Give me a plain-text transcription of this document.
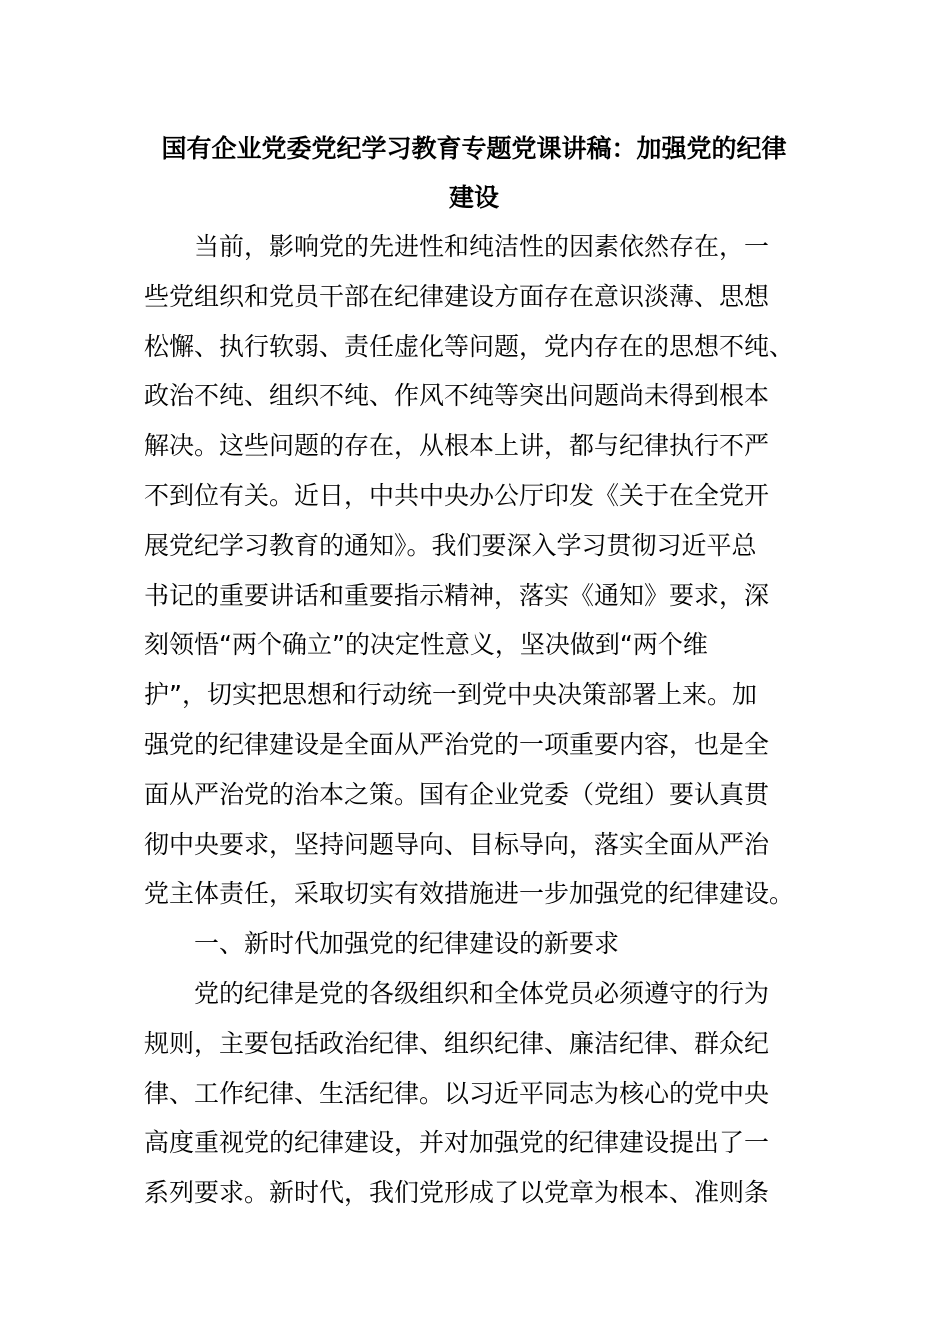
国有企业党委党纪学习教育专题党课讲稿：加强党的纪律
建设
当前，影响党的先进性和纯洁性的因素依然存在，一
些党组织和党员干部在纪律建设方面存在意识淡薄、思想
松懈、执行软弱、责任虚化等问题，党内存在的思想不纯、
政治不纯、组织不纯、作风不纯等突出问题尚未得到根本
解决。这些问题的存在，从根本上讲，都与纪律执行不严
不到位有关。近日，中共中央办公厅印发《关于在全党开
展党纪学习教育的通知》。我们要深入学习贯彻习近平总
书记的重要讲话和重要指示精神，落实《通知》要求，深
刻领悟“两个确立”的决定性意义，坚决做到“两个维
护”，切实把思想和行动统一到党中央决策部署上来。加
强党的纪律建设是全面从严治党的一项重要内容，也是全
面从严治党的治本之策。国有企业党委（党组）要认真贯
彻中央要求，坚持问题导向、目标导向，落实全面从严治
党主体责任，采取切实有效措施进一步加强党的纪律建设。
一、新时代加强党的纪律建设的新要求
党的纪律是党的各级组织和全体党员必须遵守的行为
规则，主要包括政治纪律、组织纪律、廉洁纪律、群众纪
律、工作纪律、生活纪律。以习近平同志为核心的党中央
高度重视党的纪律建设，并对加强党的纪律建设提出了一
系列要求。新时代，我们党形成了以党章为根本、准则条
